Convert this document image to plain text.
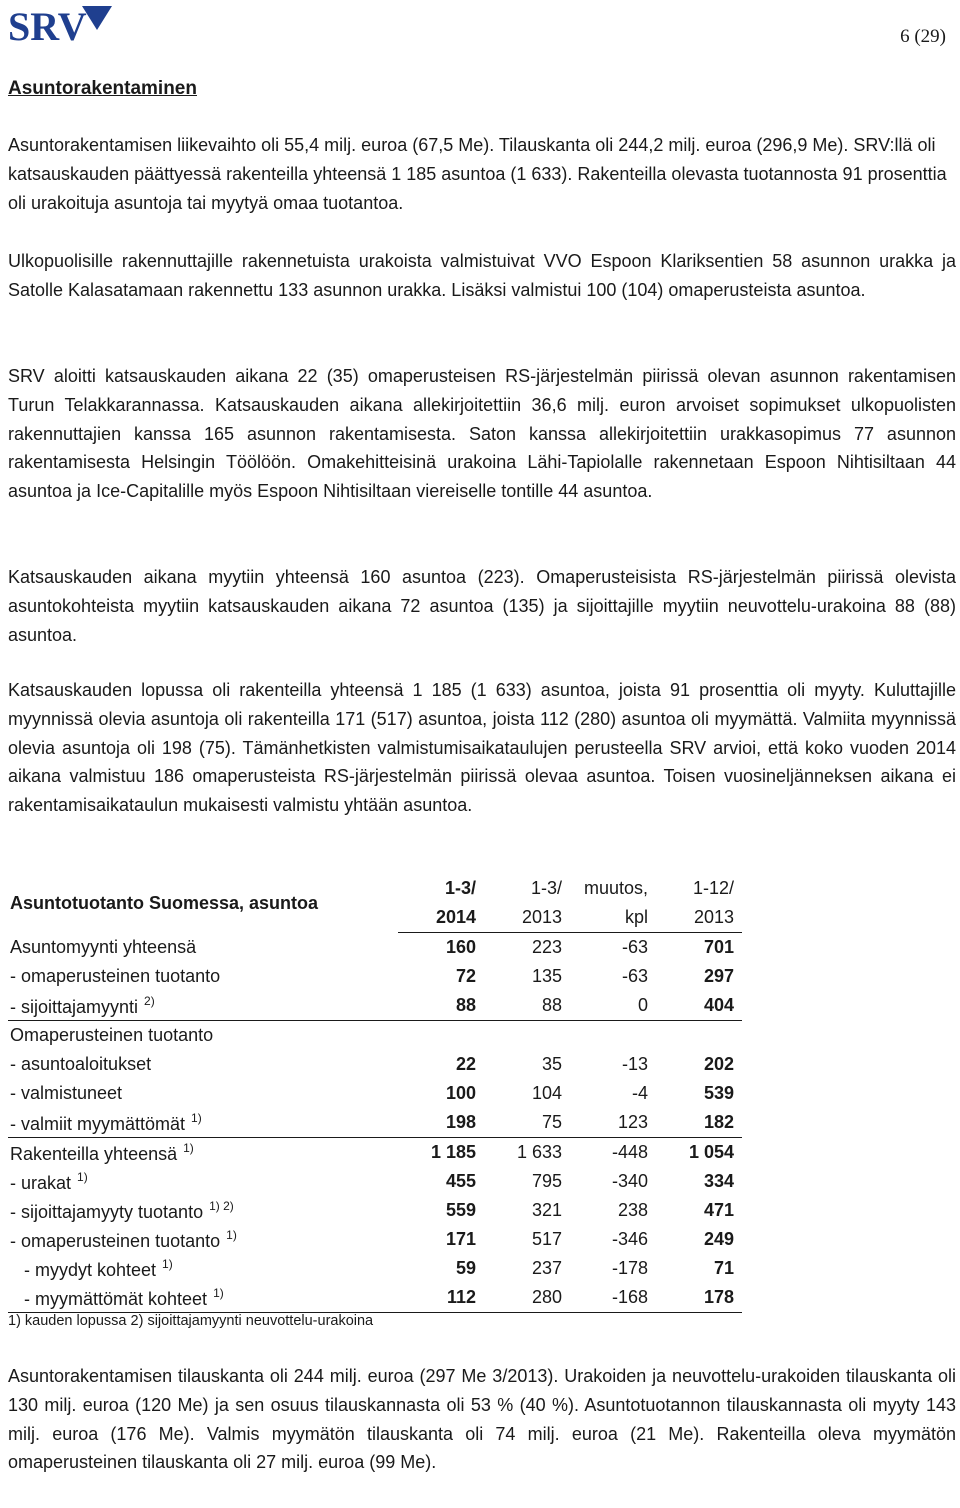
SRV	6 (29)
Asuntorakentaminen

Asuntorakentamisen liikevaihto oli 55,4 milj. euroa (67,5 Me). Tilauskanta oli 244,2 milj. euroa (296,9 Me). SRV:llä oli katsauskauden päättyessä rakenteilla yhteensä 1 185 asuntoa (1 633). Rakenteilla olevasta tuotannosta 91 prosenttia oli urakoituja asuntoja tai myytyä omaa tuotantoa.

Ulkopuolisille rakennuttajille rakennetuista urakoista valmistuivat VVO Espoon Klariksentien 58 asunnon urakka ja Satolle Kalasatamaan rakennettu 133 asunnon urakka. Lisäksi valmistui 100 (104) omaperusteista asuntoa.

SRV aloitti katsauskauden aikana 22 (35) omaperusteisen RS-järjestelmän piirissä olevan asunnon rakentamisen Turun Telakkarannassa. Katsauskauden aikana allekirjoitettiin 36,6 milj. euron arvoiset sopimukset ulkopuolisten rakennuttajien kanssa 165 asunnon rakentamisesta. Saton kanssa allekirjoitettiin urakkasopimus 77 asunnon rakentamisesta Helsingin Töölöön. Omakehitteisinä urakoina Lähi-Tapiolalle rakennetaan Espoon Nihtisiltaan 44 asuntoa ja Ice-Capitalille myös Espoon Nihtisiltaan viereiselle tontille 44 asuntoa.

Katsauskauden aikana myytiin yhteensä 160 asuntoa (223). Omaperusteisista RS-järjestelmän piirissä olevista asuntokohteista myytiin katsauskauden aikana 72 asuntoa (135) ja sijoittajille myytiin neuvottelu-urakoina 88 (88) asuntoa.

Katsauskauden lopussa oli rakenteilla yhteensä 1 185 (1 633) asuntoa, joista 91 prosenttia oli myyty. Kuluttajille myynnissä olevia asuntoja oli rakenteilla 171 (517) asuntoa, joista 112 (280) asuntoa oli myymättä. Valmiita myynnissä olevia asuntoja oli 198 (75). Tämänhetkisten valmistumisaikataulujen perusteella SRV arvioi, että koko vuoden 2014 aikana valmistuu 186 omaperusteista RS-järjestelmän piirissä olevaa asuntoa. Toisen vuosineljänneksen aikana ei rakentamisaikataulun mukaisesti valmistu yhtään asuntoa.

Asuntotuotanto Suomessa, asuntoa	1-3/	1-3/	muutos,	1-12/
	2014	2013	kpl	2013
Asuntomyynti yhteensä	160	223	-63	701
- omaperusteinen tuotanto	72	135	-63	297
- sijoittajamyynti $^{2)}$	88	88	0	404
Omaperusteinen tuotanto				
- asuntoaloitukset	22	35	-13	202
- valmistuneet	100	104	-4	539
- valmiit myymättömät $^{1)}$	198	75	123	182
Rakenteilla yhteensä $^{1)}$	1 185	1 633	-448	1 054
- urakat $^{1)}$	455	795	-340	334
- sijoittajamyyty tuotanto $^{1) 2)}$	559	321	238	471
- omaperusteinen tuotanto $^{1)}$	171	517	-346	249
- myydyt kohteet $^{1)}$	59	237	-178	71
- myymättömät kohteet $^{1)}$	112	280	-168	178
1) kauden lopussa 2) sijoittajamyynti neuvottelu-urakoina

Asuntorakentamisen tilauskanta oli 244 milj. euroa (297 Me 3/2013). Urakoiden ja neuvottelu-urakoiden tilauskanta oli 130 milj. euroa (120 Me) ja sen osuus tilauskannasta oli 53 % (40 %). Asuntotuotannon tilauskannasta oli myyty 143 milj. euroa (176 Me). Valmis myymätön tilauskanta oli 74 milj. euroa (21 Me). Rakenteilla oleva myymätön omaperusteinen tilauskanta oli 27 milj. euroa (99 Me).
